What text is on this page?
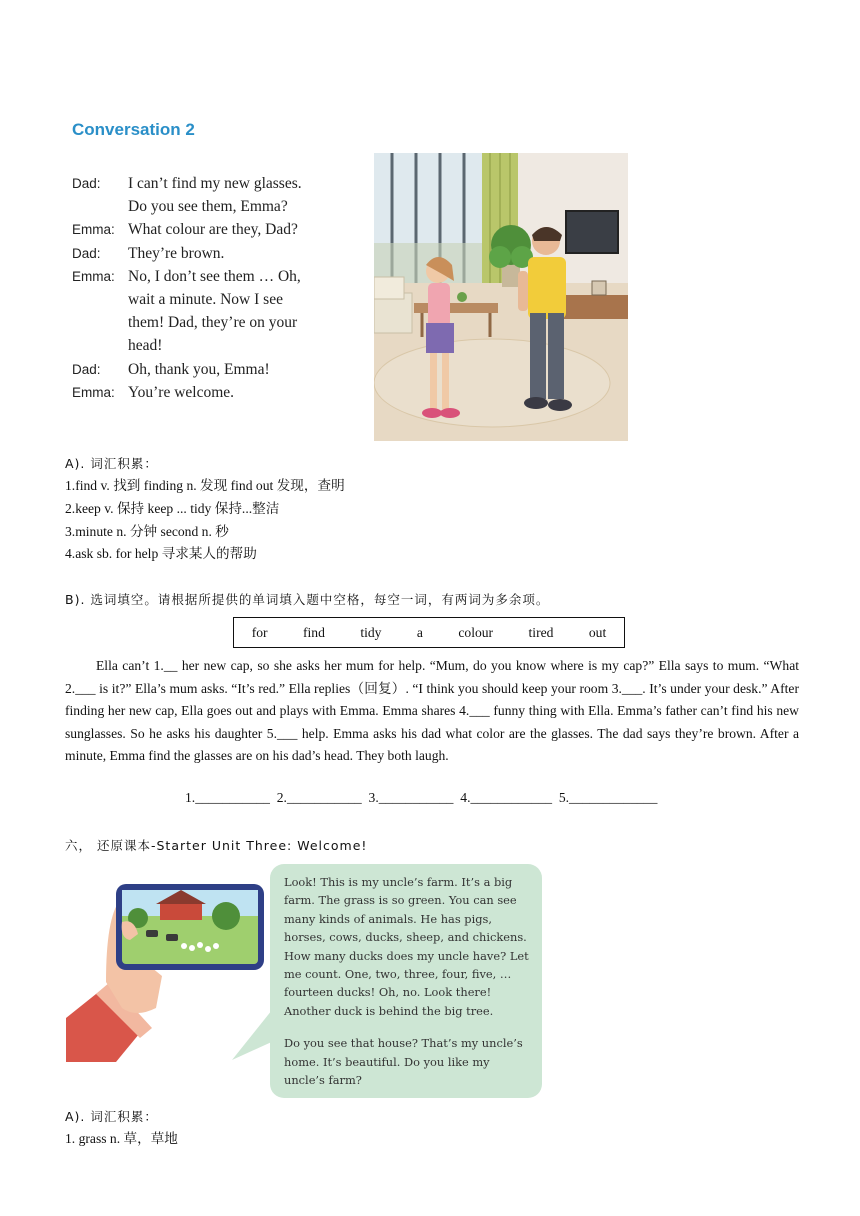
Conversation 2
Dad:	I can’t find my new glasses.
Do you see them, Emma?
Emma: What colour are they, Dad?
Dad:	They’re brown.
Emma: No, I don’t see them … Oh,
wait a minute. Now I see
them! Dad, they’re on your
head!
Dad:	Oh, thank you, Emma!
Emma: You’re welcome.
A). 词汇积累：
1.find v. 找到 finding n. 发现 find out 发现，查明
2.keep v. 保持 keep ... tidy 保持...整洁
3.minute n. 分钟 second n. 秒
4.ask sb. for help 寻求某人的帮助
B). 选词填空。请根据所提供的单词填入题中空格，每空一词，有两词为多余项。
for	find	tidy	a	colour	tired	out
Ella can’t 1.__ her new cap, so she asks her mum for help. “Mum, do you know where is my cap?” Ella says to mum. “What 2.___ is it?” Ella’s mum asks. “It’s red.” Ella replies（回复）. “I think you should keep your room 3.___. It’s under your desk.” After finding her new cap, Ella goes out and plays with Emma. Emma shares 4.___ funny thing with Ella. Emma’s father can’t find his new sunglasses. So he asks his daughter 5.___ help. Emma asks his dad what color are the glasses. The dad says they’re brown. After a minute, Emma find the glasses are on his dad’s head. They both laugh.
1.___________  2.___________  3.___________  4.____________  5._____________
六， 还原课本-Starter Unit Three: Welcome!

Look! This is my uncle’s farm. It’s a big farm. The grass is so green. You can see many kinds of animals. He has pigs, horses, cows, ducks, sheep, and chickens. How many ducks does my uncle have? Let me count. One, two, three, four, five, … fourteen ducks! Oh, no. Look there! Another duck is behind the big tree.

Do you see that house? That’s my uncle’s home. It’s beautiful. Do you like my uncle’s farm?

A). 词汇积累：
1. grass n. 草，草地
